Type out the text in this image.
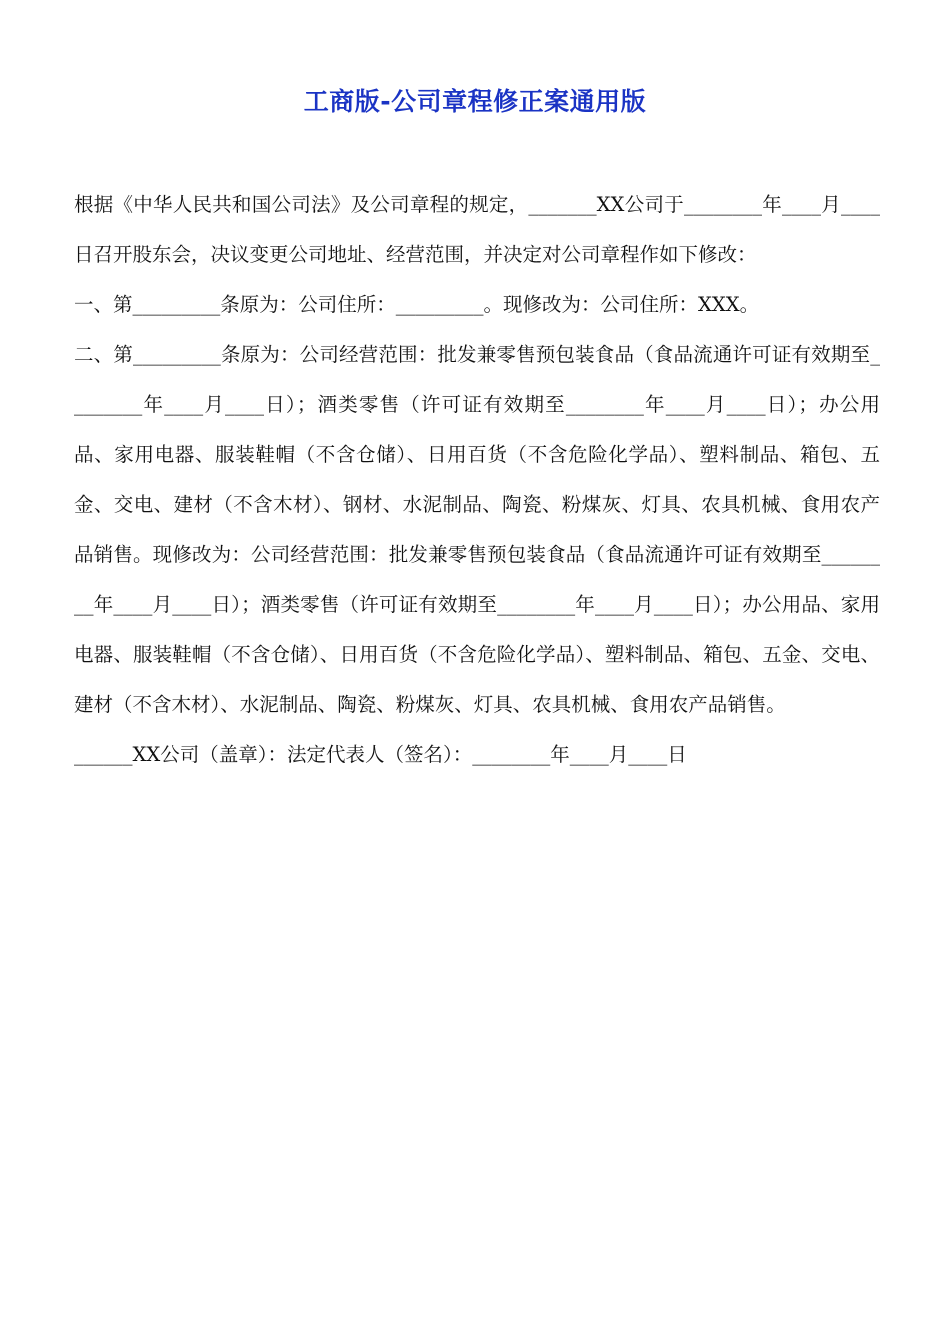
工商版-公司章程修正案通用版

根据《中华人民共和国公司法》及公司章程的规定，_______XX公司于________年____月____日召开股东会，决议变更公司地址、经营范围，并决定对公司章程作如下修改：

一、第_________条原为：公司住所：_________。现修改为：公司住所：XXX。

二、第_________条原为：公司经营范围：批发兼零售预包装食品（食品流通许可证有效期至________年____月____日）；酒类零售（许可证有效期至________年____月____日）；办公用品、家用电器、服装鞋帽（不含仓储）、日用百货（不含危险化学品）、塑料制品、箱包、五金、交电、建材（不含木材）、钢材、水泥制品、陶瓷、粉煤灰、灯具、农具机械、食用农产品销售。现修改为：公司经营范围：批发兼零售预包装食品（食品流通许可证有效期至________年____月____日）；酒类零售（许可证有效期至________年____月____日）；办公用品、家用电器、服装鞋帽（不含仓储）、日用百货（不含危险化学品）、塑料制品、箱包、五金、交电、建材（不含木材）、水泥制品、陶瓷、粉煤灰、灯具、农具机械、食用农产品销售。

______XX公司（盖章）：法定代表人（签名）：________年____月____日
